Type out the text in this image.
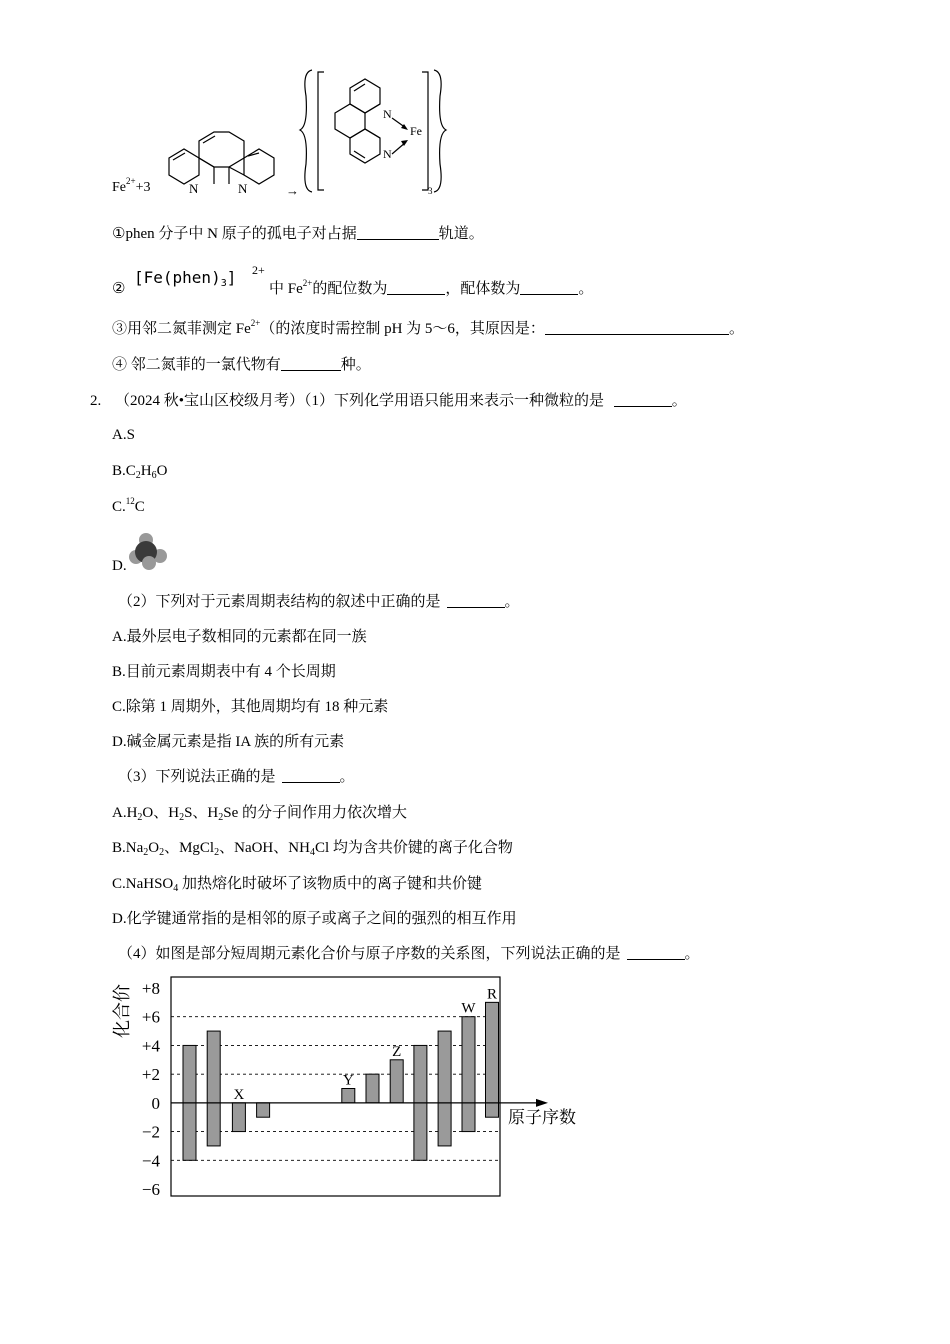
$Fe^{2+}+3$	N	N	→
N
N
Fe
3
①phen 分子中 N 原子的孤电子对占据	轨道。
②
$[Fe(phen)_3]$ 2+
中 $Fe^{2+}$的配位数为	，配体数为	。
③用邻二氮菲测定 $Fe^{2+}$（的浓度时需控制 pH 为 5～6，其原因是：	。
④ 邻二氮菲的一氯代物有	种。
2. （2024 秋•宝山区校级月考）（1）下列化学用语只能用来表示一种微粒的是	。
A.S
$B.C_2H_6O$
C.$^{12}$C
D.
（2）下列对于元素周期表结构的叙述中正确的是	。
A.最外层电子数相同的元素都在同一族
B.目前元素周期表中有 4 个长周期
C.除第 1 周期外，其他周期均有 18 种元素
D.碱金属元素是指 IA 族的所有元素
（3）下列说法正确的是	。
$A.H_2O$、$H_2S$、$H_2Se$ 的分子间作用力依次增大
$B.Na_2O_2$、MgCl$_2$、NaOH、$NH_4Cl$ 均为含共价键的离子化合物
C.NaHSO$_4$ 加热熔化时破坏了该物质中的离子键和共价键
D.化学键通常指的是相邻的原子或离子之间的强烈的相互作用
（4）如图是部分短周期元素化合价与原子序数的关系图，下列说法正确的是	。
+8
+6
+4
+2
0
−2
−4
−6
X
Y
Z
W
R
原子序数
化合价
